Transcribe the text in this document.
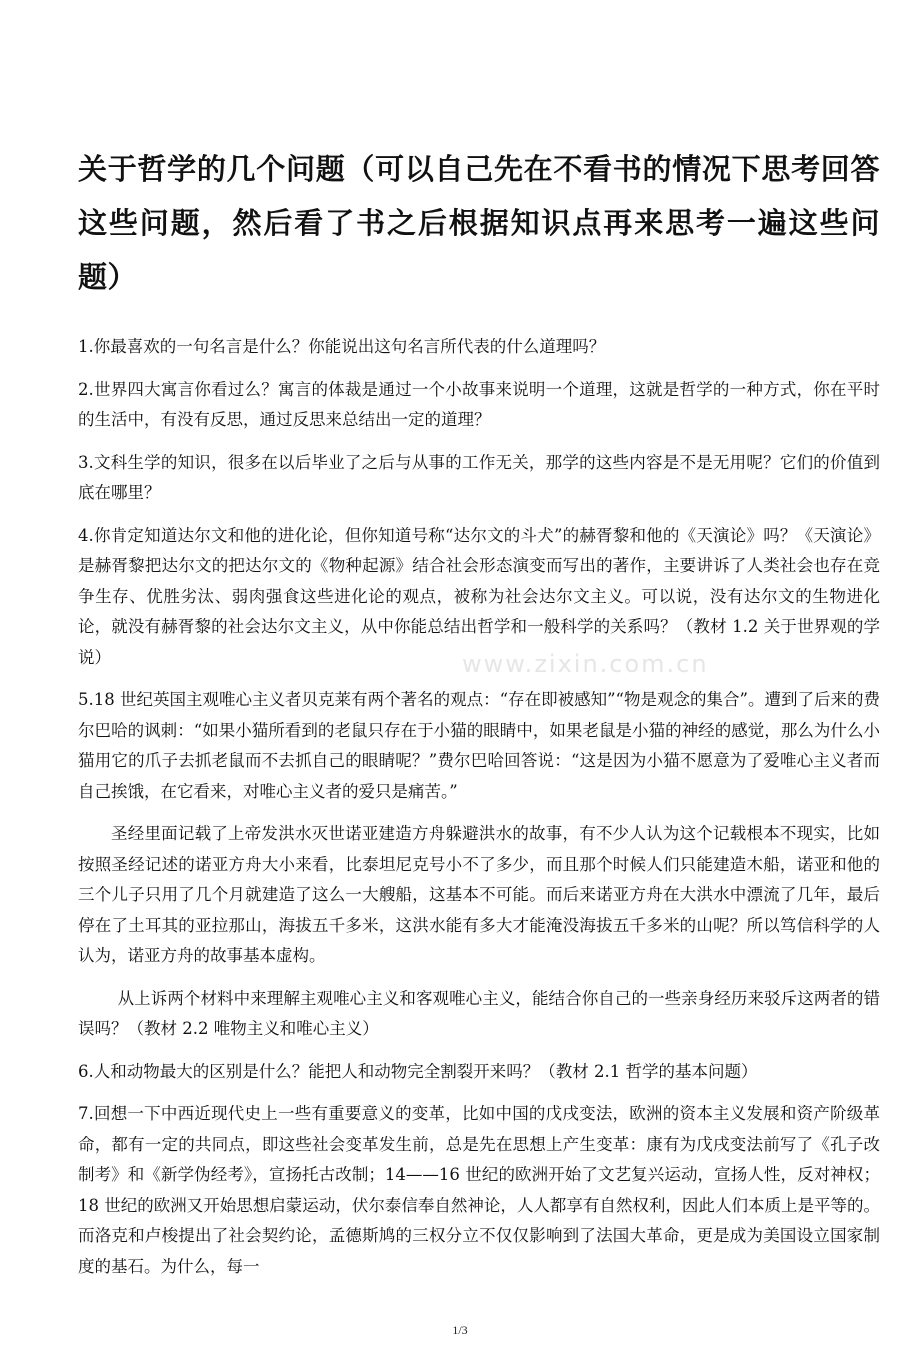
www.zixin.com.cn
关于哲学的几个问题（可以自己先在不看书的情况下思考回答这些问题，然后看了书之后根据知识点再来思考一遍这些问题）

1.你最喜欢的一句名言是什么？你能说出这句名言所代表的什么道理吗？

2.世界四大寓言你看过么？寓言的体裁是通过一个小故事来说明一个道理，这就是哲学的一种方式，你在平时的生活中，有没有反思，通过反思来总结出一定的道理？

3.文科生学的知识，很多在以后毕业了之后与从事的工作无关，那学的这些内容是不是无用呢？它们的价值到底在哪里？

4.你肯定知道达尔文和他的进化论，但你知道号称“达尔文的斗犬”的赫胥黎和他的《天演论》吗？《天演论》是赫胥黎把达尔文的把达尔文的《物种起源》结合社会形态演变而写出的著作，主要讲诉了人类社会也存在竞争生存、优胜劣汰、弱肉强食这些进化论的观点，被称为社会达尔文主义。可以说，没有达尔文的生物进化论，就没有赫胥黎的社会达尔文主义，从中你能总结出哲学和一般科学的关系吗？（教材 1.2 关于世界观的学说）

5.18 世纪英国主观唯心主义者贝克莱有两个著名的观点：“存在即被感知”“物是观念的集合”。遭到了后来的费尔巴哈的讽刺：“如果小猫所看到的老鼠只存在于小猫的眼睛中，如果老鼠是小猫的神经的感觉，那么为什么小猫用它的爪子去抓老鼠而不去抓自己的眼睛呢？”费尔巴哈回答说：“这是因为小猫不愿意为了爱唯心主义者而自己挨饿，在它看来，对唯心主义者的爱只是痛苦。”

圣经里面记载了上帝发洪水灭世诺亚建造方舟躲避洪水的故事，有不少人认为这个记载根本不现实，比如按照圣经记述的诺亚方舟大小来看，比泰坦尼克号小不了多少，而且那个时候人们只能建造木船，诺亚和他的三个儿子只用了几个月就建造了这么一大艘船，这基本不可能。而后来诺亚方舟在大洪水中漂流了几年，最后停在了土耳其的亚拉那山，海拔五千多米，这洪水能有多大才能淹没海拔五千多米的山呢？所以笃信科学的人认为，诺亚方舟的故事基本虚构。

从上诉两个材料中来理解主观唯心主义和客观唯心主义，能结合你自己的一些亲身经历来驳斥这两者的错误吗？（教材 2.2 唯物主义和唯心主义）

6.人和动物最大的区别是什么？能把人和动物完全割裂开来吗？（教材 2.1 哲学的基本问题）

7.回想一下中西近现代史上一些有重要意义的变革，比如中国的戊戌变法，欧洲的资本主义发展和资产阶级革命，都有一定的共同点，即这些社会变革发生前，总是先在思想上产生变革：康有为戊戌变法前写了《孔子改制考》和《新学伪经考》，宣扬托古改制；14——16 世纪的欧洲开始了文艺复兴运动，宣扬人性，反对神权；18 世纪的欧洲又开始思想启蒙运动，伏尔泰信奉自然神论，人人都享有自然权利，因此人们本质上是平等的。而洛克和卢梭提出了社会契约论，孟德斯鸠的三权分立不仅仅影响到了法国大革命，更是成为美国设立国家制度的基石。为什么，每一

1/3
